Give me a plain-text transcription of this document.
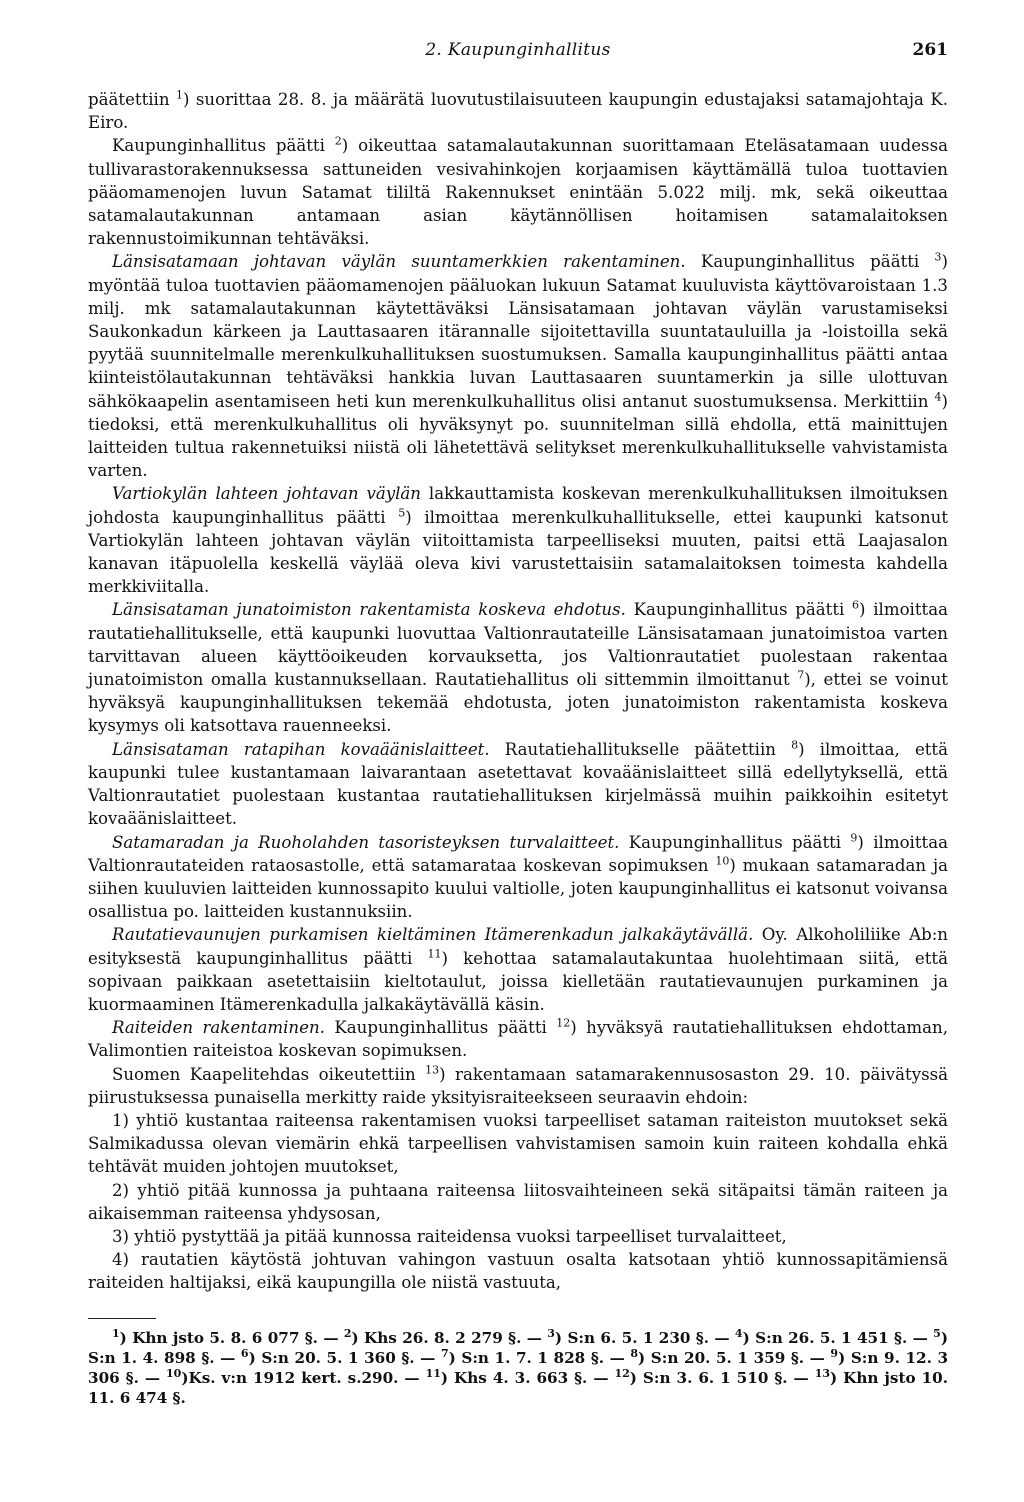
2. Kaupunginhallitus	261

päätettiin $^1$) suorittaa 28. 8. ja määrätä luovutustilaisuuteen kaupungin edustajaksi satamajohtaja K. Eiro.

Kaupunginhallitus päätti $^2$) oikeuttaa satamalautakunnan suorittamaan Eteläsatamaan uudessa tullivarastorakennuksessa sattuneiden vesivahinkojen korjaamisen käyttämällä tuloa tuottavien pääomamenojen luvun Satamat tililtä Rakennukset enintään 5.022 milj. mk, sekä oikeuttaa satamalautakunnan antamaan asian käytännöllisen hoitamisen satamalaitoksen rakennustoimikunnan tehtäväksi.

Länsisatamaan johtavan väylän suuntamerkkien rakentaminen. Kaupunginhallitus päätti $^3$) myöntää tuloa tuottavien pääomamenojen pääluokan lukuun Satamat kuuluvista käyttövaroistaan 1.3 milj. mk satamalautakunnan käytettäväksi Länsisatamaan johtavan väylän varustamiseksi Saukonkadun kärkeen ja Lauttasaaren itärannalle sijoitettavilla suuntatauluilla ja -loistoilla sekä pyytää suunnitelmalle merenkulkuhallituksen suostumuksen. Samalla kaupunginhallitus päätti antaa kiinteistölautakunnan tehtäväksi hankkia luvan Lauttasaaren suuntamerkin ja sille ulottuvan sähkökaapelin asentamiseen heti kun merenkulkuhallitus olisi antanut suostumuksensa. Merkittiin $^4$) tiedoksi, että merenkulkuhallitus oli hyväksynyt po. suunnitelman sillä ehdolla, että mainittujen laitteiden tultua rakennetuiksi niistä oli lähetettävä selitykset merenkulkuhallitukselle vahvistamista varten.

Vartiokylän lahteen johtavan väylän lakkauttamista koskevan merenkulkuhallituksen ilmoituksen johdosta kaupunginhallitus päätti $^5$) ilmoittaa merenkulkuhallitukselle, ettei kaupunki katsonut Vartiokylän lahteen johtavan väylän viitoittamista tarpeelliseksi muuten, paitsi että Laajasalon kanavan itäpuolella keskellä väylää oleva kivi varustettaisiin satamalaitoksen toimesta kahdella merkkiviitalla.

Länsisataman junatoimiston rakentamista koskeva ehdotus. Kaupunginhallitus päätti $^6$) ilmoittaa rautatiehallitukselle, että kaupunki luovuttaa Valtionrautateille Länsisatamaan junatoimistoa varten tarvittavan alueen käyttöoikeuden korvauksetta, jos Valtionrautatiet puolestaan rakentaa junatoimiston omalla kustannuksellaan. Rautatiehallitus oli sittemmin ilmoittanut $^7$), ettei se voinut hyväksyä kaupunginhallituksen tekemää ehdotusta, joten junatoimiston rakentamista koskeva kysymys oli katsottava rauenneeksi.

Länsisataman ratapihan kovaäänislaitteet. Rautatiehallitukselle päätettiin $^8$) ilmoittaa, että kaupunki tulee kustantamaan laivarantaan asetettavat kovaäänislaitteet sillä edellytyksellä, että Valtionrautatiet puolestaan kustantaa rautatiehallituksen kirjelmässä muihin paikkoihin esitetyt kovaäänislaitteet.

Satamaradan ja Ruoholahden tasoristeyksen turvalaitteet. Kaupunginhallitus päätti $^9$) ilmoittaa Valtionrautateiden rataosastolle, että satamarataa koskevan sopimuksen $^{10}$) mukaan satamaradan ja siihen kuuluvien laitteiden kunnossapito kuului valtiolle, joten kaupunginhallitus ei katsonut voivansa osallistua po. laitteiden kustannuksiin.

Rautatievaunujen purkamisen kieltäminen Itämerenkadun jalkakäytävällä. Oy. Alkoholiliike Ab:n esityksestä kaupunginhallitus päätti $^{11}$) kehottaa satamalautakuntaa huolehtimaan siitä, että sopivaan paikkaan asetettaisiin kieltotaulut, joissa kielletään rautatievaunujen purkaminen ja kuormaaminen Itämerenkadulla jalkakäytävällä käsin.

Raiteiden rakentaminen. Kaupunginhallitus päätti $^{12}$) hyväksyä rautatiehallituksen ehdottaman, Valimontien raiteistoa koskevan sopimuksen.

Suomen Kaapelitehdas oikeutettiin $^{13}$) rakentamaan satamarakennusosaston 29. 10. päivätyssä piirustuksessa punaisella merkitty raide yksityisraiteekseen seuraavin ehdoin:

1) yhtiö kustantaa raiteensa rakentamisen vuoksi tarpeelliset sataman raiteiston muutokset sekä Salmikadussa olevan viemärin ehkä tarpeellisen vahvistamisen samoin kuin raiteen kohdalla ehkä tehtävät muiden johtojen muutokset,

2) yhtiö pitää kunnossa ja puhtaana raiteensa liitosvaihteineen sekä sitäpaitsi tämän raiteen ja aikaisemman raiteensa yhdysosan,

3) yhtiö pystyttää ja pitää kunnossa raiteidensa vuoksi tarpeelliset turvalaitteet,

4) rautatien käytöstä johtuvan vahingon vastuun osalta katsotaan yhtiö kunnossapitämiensä raiteiden haltijaksi, eikä kaupungilla ole niistä vastuuta,

$^1$) Khn jsto 5. 8. 6 077 §. — $^2$) Khs 26. 8. 2 279 §. — $^3$) S:n 6. 5. 1 230 §. — $^4$) S:n 26. 5. 1 451 §. — $^5$) S:n 1. 4. 898 §. — $^6$) S:n 20. 5. 1 360 §. — $^7$) S:n 1. 7. 1 828 §. — $^8$) S:n 20. 5. 1 359 §. — $^9$) S:n 9. 12. 3 306 §. — $^{10}$)Ks. v:n 1912 kert. s.290. — $^{11}$) Khs 4. 3. 663 §. — $^{12}$) S:n 3. 6. 1 510 §. — $^{13}$) Khn jsto 10. 11. 6 474 §.
